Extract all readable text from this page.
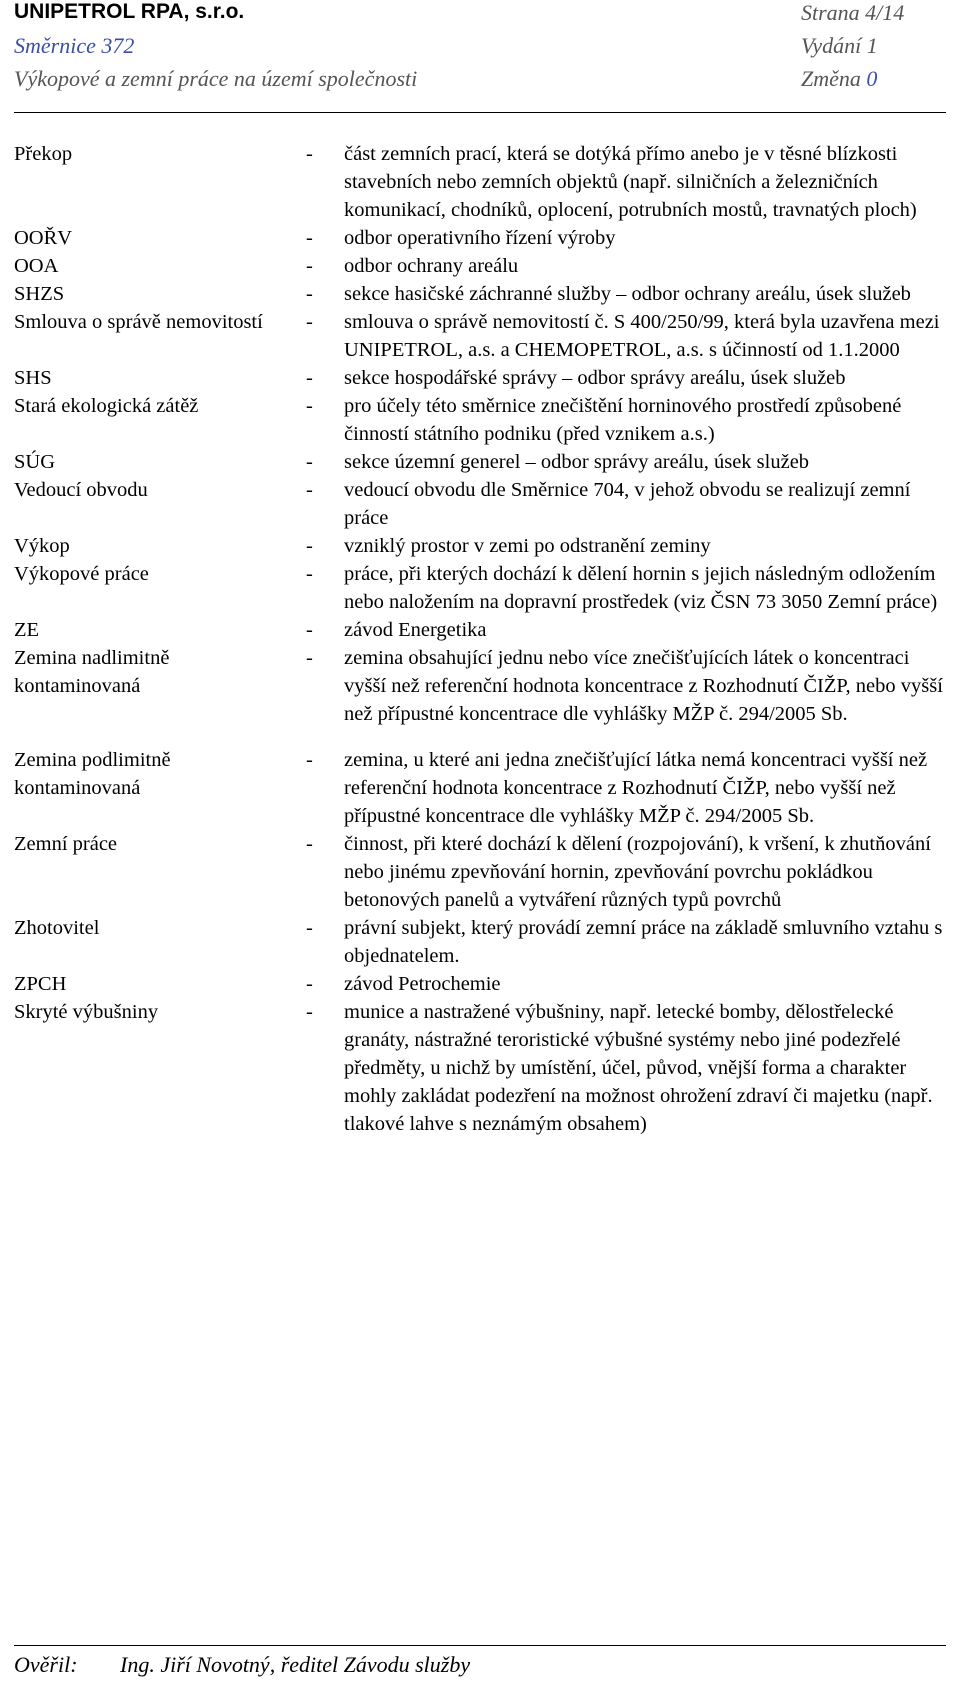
UNIPETROL RPA, s.r.o.	Strana 4/14
Směrnice 372	Vydání 1
Výkopové a zemní práce na území společnosti	Změna 0
Překop	-	část zemních prací, která se dotýká přímo anebo je v těsné blízkosti stavebních nebo zemních objektů (např. silničních a železničních komunikací, chodníků, oplocení, potrubních mostů, travnatých ploch)
OOŘV	-	odbor operativního řízení výroby
OOA	-	odbor ochrany areálu
SHZS	-	sekce hasičské záchranné služby – odbor ochrany areálu, úsek služeb
Smlouva o správě nemovitostí	-	smlouva o správě nemovitostí č. S 400/250/99, která byla uzavřena mezi UNIPETROL, a.s. a CHEMOPETROL, a.s. s účinností od 1.1.2000
SHS	-	sekce hospodářské správy – odbor správy areálu, úsek služeb
Stará ekologická zátěž	-	pro účely této směrnice znečištění horninového prostředí způsobené činností státního podniku (před vznikem a.s.)
SÚG	-	sekce územní generel – odbor správy areálu, úsek služeb
Vedoucí obvodu	-	vedoucí obvodu dle Směrnice 704, v jehož obvodu se realizují zemní práce
Výkop	-	vzniklý prostor v zemi po odstranění zeminy
Výkopové práce	-	práce, při kterých dochází k dělení hornin s jejich následným odložením nebo naložením na dopravní prostředek (viz ČSN 73 3050 Zemní práce)
ZE	-	závod Energetika
Zemina nadlimitně
kontaminovaná
-	zemina obsahující jednu nebo více znečišťujících látek o koncentraci vyšší než referenční hodnota koncentrace z Rozhodnutí ČIŽP, nebo vyšší než přípustné koncentrace dle vyhlášky MŽP č. 294/2005 Sb.
Zemina podlimitně
kontaminovaná
-	zemina, u které ani jedna znečišťující látka nemá koncentraci vyšší než referenční hodnota koncentrace z Rozhodnutí ČIŽP, nebo vyšší než přípustné koncentrace dle vyhlášky MŽP č. 294/2005 Sb.
Zemní práce	-	činnost, při které dochází k dělení (rozpojování), k vršení, k zhutňování nebo jinému zpevňování hornin, zpevňování povrchu pokládkou betonových panelů a vytváření různých typů povrchů
Zhotovitel	-	právní subjekt, který provádí zemní práce na základě smluvního vztahu s objednatelem.
ZPCH	-	závod Petrochemie
Skryté výbušniny	-	munice a nastražené výbušniny, např. letecké bomby, dělostřelecké granáty, nástražné teroristické výbušné systémy nebo jiné podezřelé předměty, u nichž by umístění, účel, původ, vnější forma a charakter mohly zakládat podezření na možnost ohrožení zdraví či majetku (např. tlakové lahve s neznámým obsahem)
Ověřil: Ing. Jiří Novotný, ředitel Závodu služby
